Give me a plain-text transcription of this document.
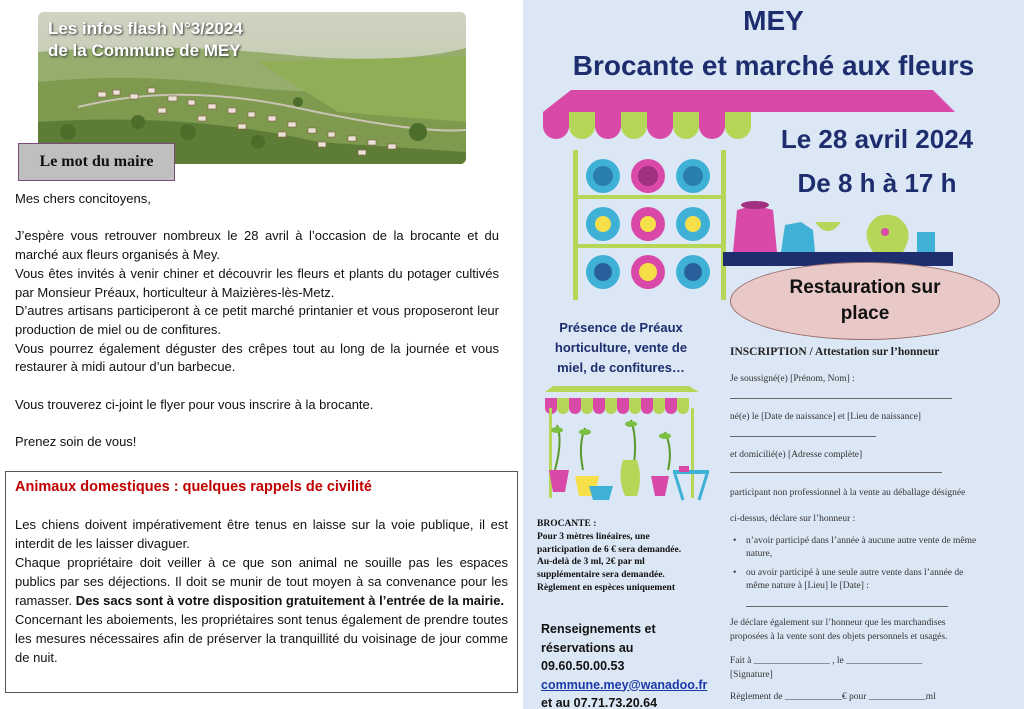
Les infos flash N°3/2024
de la Commune de MEY
Le mot du maire

Mes chers concitoyens,

J’espère vous retrouver nombreux le 28 avril à l’occasion de la brocante et du marché aux fleurs organisés à Mey.

Vous êtes invités à venir chiner et découvrir les fleurs et plants du potager cultivés par Monsieur Préaux, horticulteur à Maizières-lès-Metz.

D’autres artisans participeront à ce petit marché printanier et vous proposeront leur production de miel ou de confitures.

Vous pourrez également déguster des crêpes tout au long de la journée et vous restaurer à midi autour d’un barbecue.

Vous trouverez ci-joint le flyer pour vous inscrire à la brocante.

Prenez soin de vous!

Animaux domestiques : quelques rappels de civilité

Les chiens doivent impérativement être tenus en laisse sur la voie publique, il est interdit de les laisser divaguer.

Chaque propriétaire doit veiller à ce que son animal ne souille pas les espaces publics par ses déjections. Il doit se munir de tout moyen à sa convenance pour les ramasser. Des sacs sont à votre disposition gratuitement à l’entrée de la mairie.

Concernant les aboiements, les propriétaires sont tenus également de prendre toutes les mesures nécessaires afin de préserver la tranquillité du voisinage de jour comme de nuit.

MEY
Brocante et marché aux fleurs
Le 28 avril 2024
De 8 h à 17 h
Restauration sur
place
Présence de Préaux horticulture, vente de miel, de confitures…
BROCANTE :
Pour 3 mètres linéaires, une
participation de 6 € sera demandée.
Au-delà de 3 ml, 2€ par ml
supplémentaire sera demandée.
Règlement en espèces uniquement
Renseignements et
réservations au
09.60.50.00.53
commune.mey@wanadoo.fr
et au 07.71.73.20.64
INSCRIPTION / Attestation sur l’honneur
Je soussigné(e) [Prénom, Nom] :
né(e) le [Date de naissance] et [Lieu de naissance]
et domicilié(e) [Adresse complète]
participant non professionnel à la vente au déballage désignée
ci-dessus, déclare sur l’honneur :
• n’avoir participé dans l’année à aucune autre vente de même
nature,
• ou avoir participé à une seule autre vente dans l’année de
même nature à [Lieu] le [Date] :
Je déclare également sur l’honneur que les marchandises
proposées à la vente sont des objets personnels et usagés.
Fait à ________________ , le ________________
[Signature]
Règlement de ____________€ pour ____________ml
